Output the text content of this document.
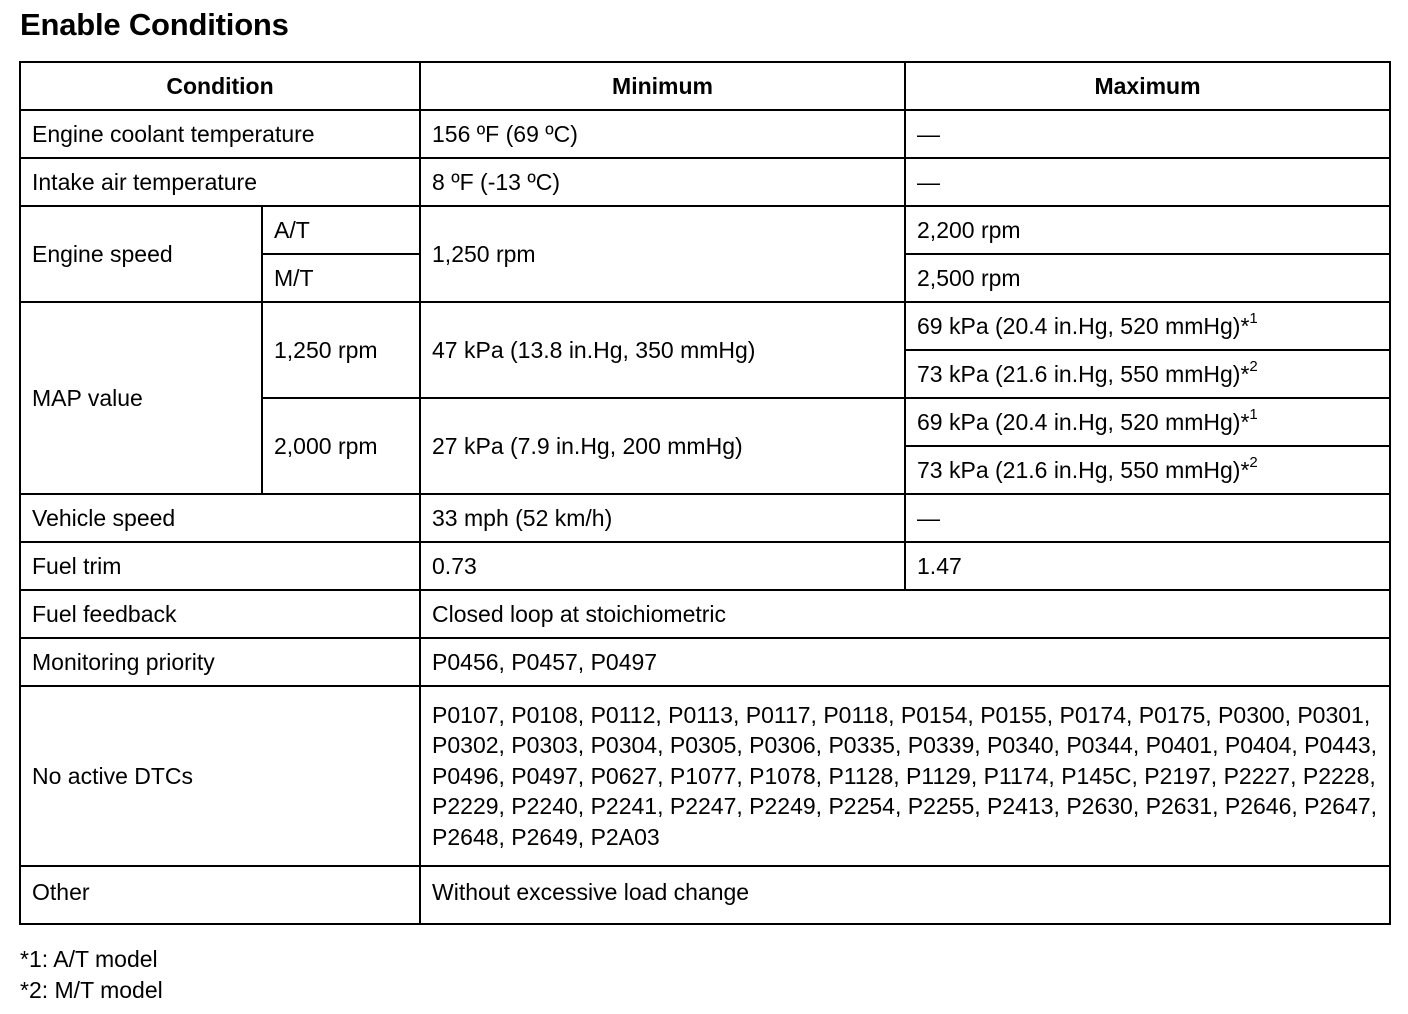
Enable Conditions
Condition		Minimum	Maximum
Engine coolant temperature		156 ºF (69 ºC)	—
Intake air temperature		8 ºF (-13 ºC)	—
Engine speed	A/T	1,250 rpm	2,200 rpm
	M/T		2,500 rpm
MAP value	1,250 rpm	47 kPa (13.8 in.Hg, 350 mmHg)	69 kPa (20.4 in.Hg, 520 mmHg)*$^1$
			73 kPa (21.6 in.Hg, 550 mmHg)*$^2$
	2,000 rpm	27 kPa (7.9 in.Hg, 200 mmHg)	69 kPa (20.4 in.Hg, 520 mmHg)*$^1$
			73 kPa (21.6 in.Hg, 550 mmHg)*$^2$
Vehicle speed		33 mph (52 km/h)	—
Fuel trim		0.73	1.47
Fuel feedback		Closed loop at stoichiometric	
Monitoring priority		P0456, P0457, P0497	
No active DTCs		P0107, P0108, P0112, P0113, P0117, P0118, P0154, P0155, P0174, P0175, P0300, P0301, P0302, P0303, P0304, P0305, P0306, P0335, P0339, P0340, P0344, P0401, P0404, P0443, P0496, P0497, P0627, P1077, P1078, P1128, P1129, P1174, P145C, P2197, P2227, P2228, P2229, P2240, P2241, P2247, P2249, P2254, P2255, P2413, P2630, P2631, P2646, P2647, P2648, P2649, P2A03	
Other		Without excessive load change	
*1: A/T model
*2: M/T model
